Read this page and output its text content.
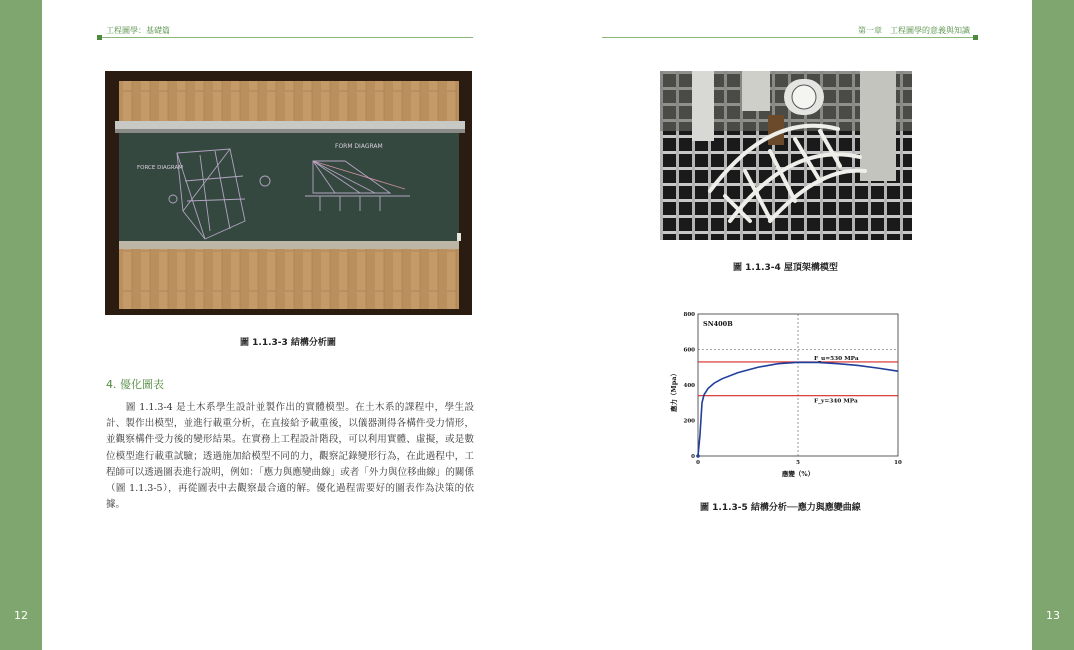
12	13
工程圖學：基礎篇	第一章　工程圖學的意義與知識
FORCE DIAGRAM
FORM DIAGRAM
圖 1.1.3-3 結構分析圖
4. 優化圖表
　　圖 1.1.3-4 是土木系學生設計並製作出的實體模型。在土木系的課程中，學生設計、製作出模型，並進行載重分析，在直接給予載重後，以儀器測得各構件受力情形，並觀察構件受力後的變形結果。在實務上工程設計階段，可以利用實體、虛擬，或是數位模型進行載重試驗；透過施加給模型不同的力，觀察記錄變形行為，在此過程中，工程師可以透過圖表進行說明，例如：「應力與應變曲線」或者「外力與位移曲線」的關係（圖 1.1.3-5），再從圖表中去觀察最合適的解。優化過程需要好的圖表作為決策的依據。
圖 1.1.3-4 屋頂架構模型
F_u=530 MPa
F_y=340 MPa
0
200
400
600
800
0	5	10
SN400B
應變（%）
應力（Mpa）
圖 1.1.3-5 結構分析──應力與應變曲線
